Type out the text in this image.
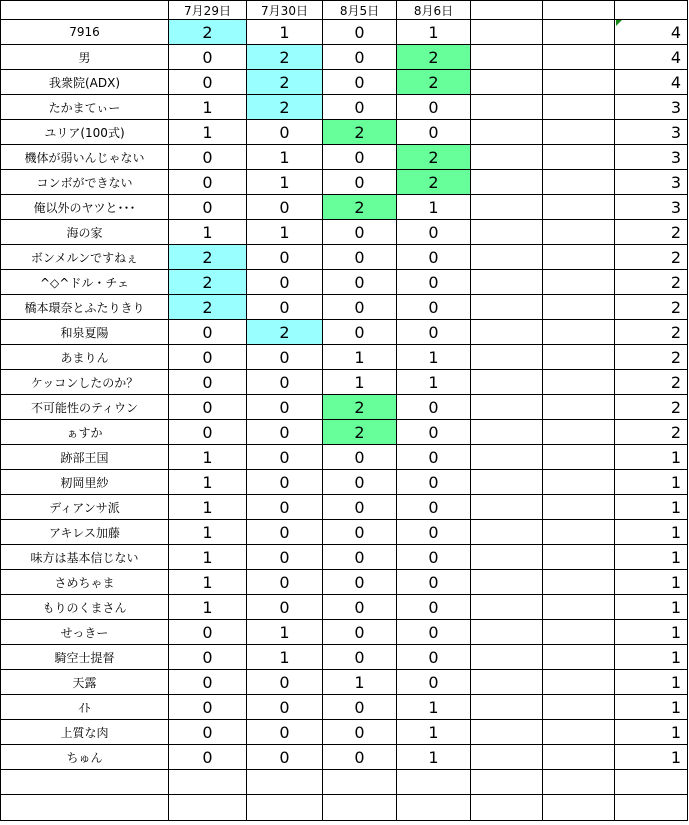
	7月29日	7月30日	8月5日	8月6日			
7916	2	1	0	1			4
男	0	2	0	2			4
我衆院(ADX)	0	2	0	2			4
たかまてぃー	1	2	0	0			3
ユリア(100式)	1	0	2	0			3
機体が弱いんじゃない	0	1	0	2			3
コンボができない	0	1	0	2			3
俺以外のヤツと･･･	0	0	2	1			3
海の家	1	1	0	0			2
ボンメルンですねぇ	2	0	0	0			2
^◇^ドル・チェ	2	0	0	0			2
橋本環奈とふたりきり	2	0	0	0			2
和泉夏陽	0	2	0	0			2
あまりん	0	0	1	1			2
ケッコンしたのか？	0	0	1	1			2
不可能性のティウン	0	0	2	0			2
ぁすか	0	0	2	0			2
跡部王国	1	0	0	0			1
籾岡里紗	1	0	0	0			1
ディアンサ派	1	0	0	0			1
アキレス加藤	1	0	0	0			1
味方は基本信じない	1	0	0	0			1
さめちゃま	1	0	0	0			1
もりのくまさん	1	0	0	0			1
せっきー	0	1	0	0			1
騎空士提督	0	1	0	0			1
天露	0	0	1	0			1
ｲﾄ	0	0	0	1			1
上質な肉	0	0	0	1			1
ちゅん	0	0	0	1			1
